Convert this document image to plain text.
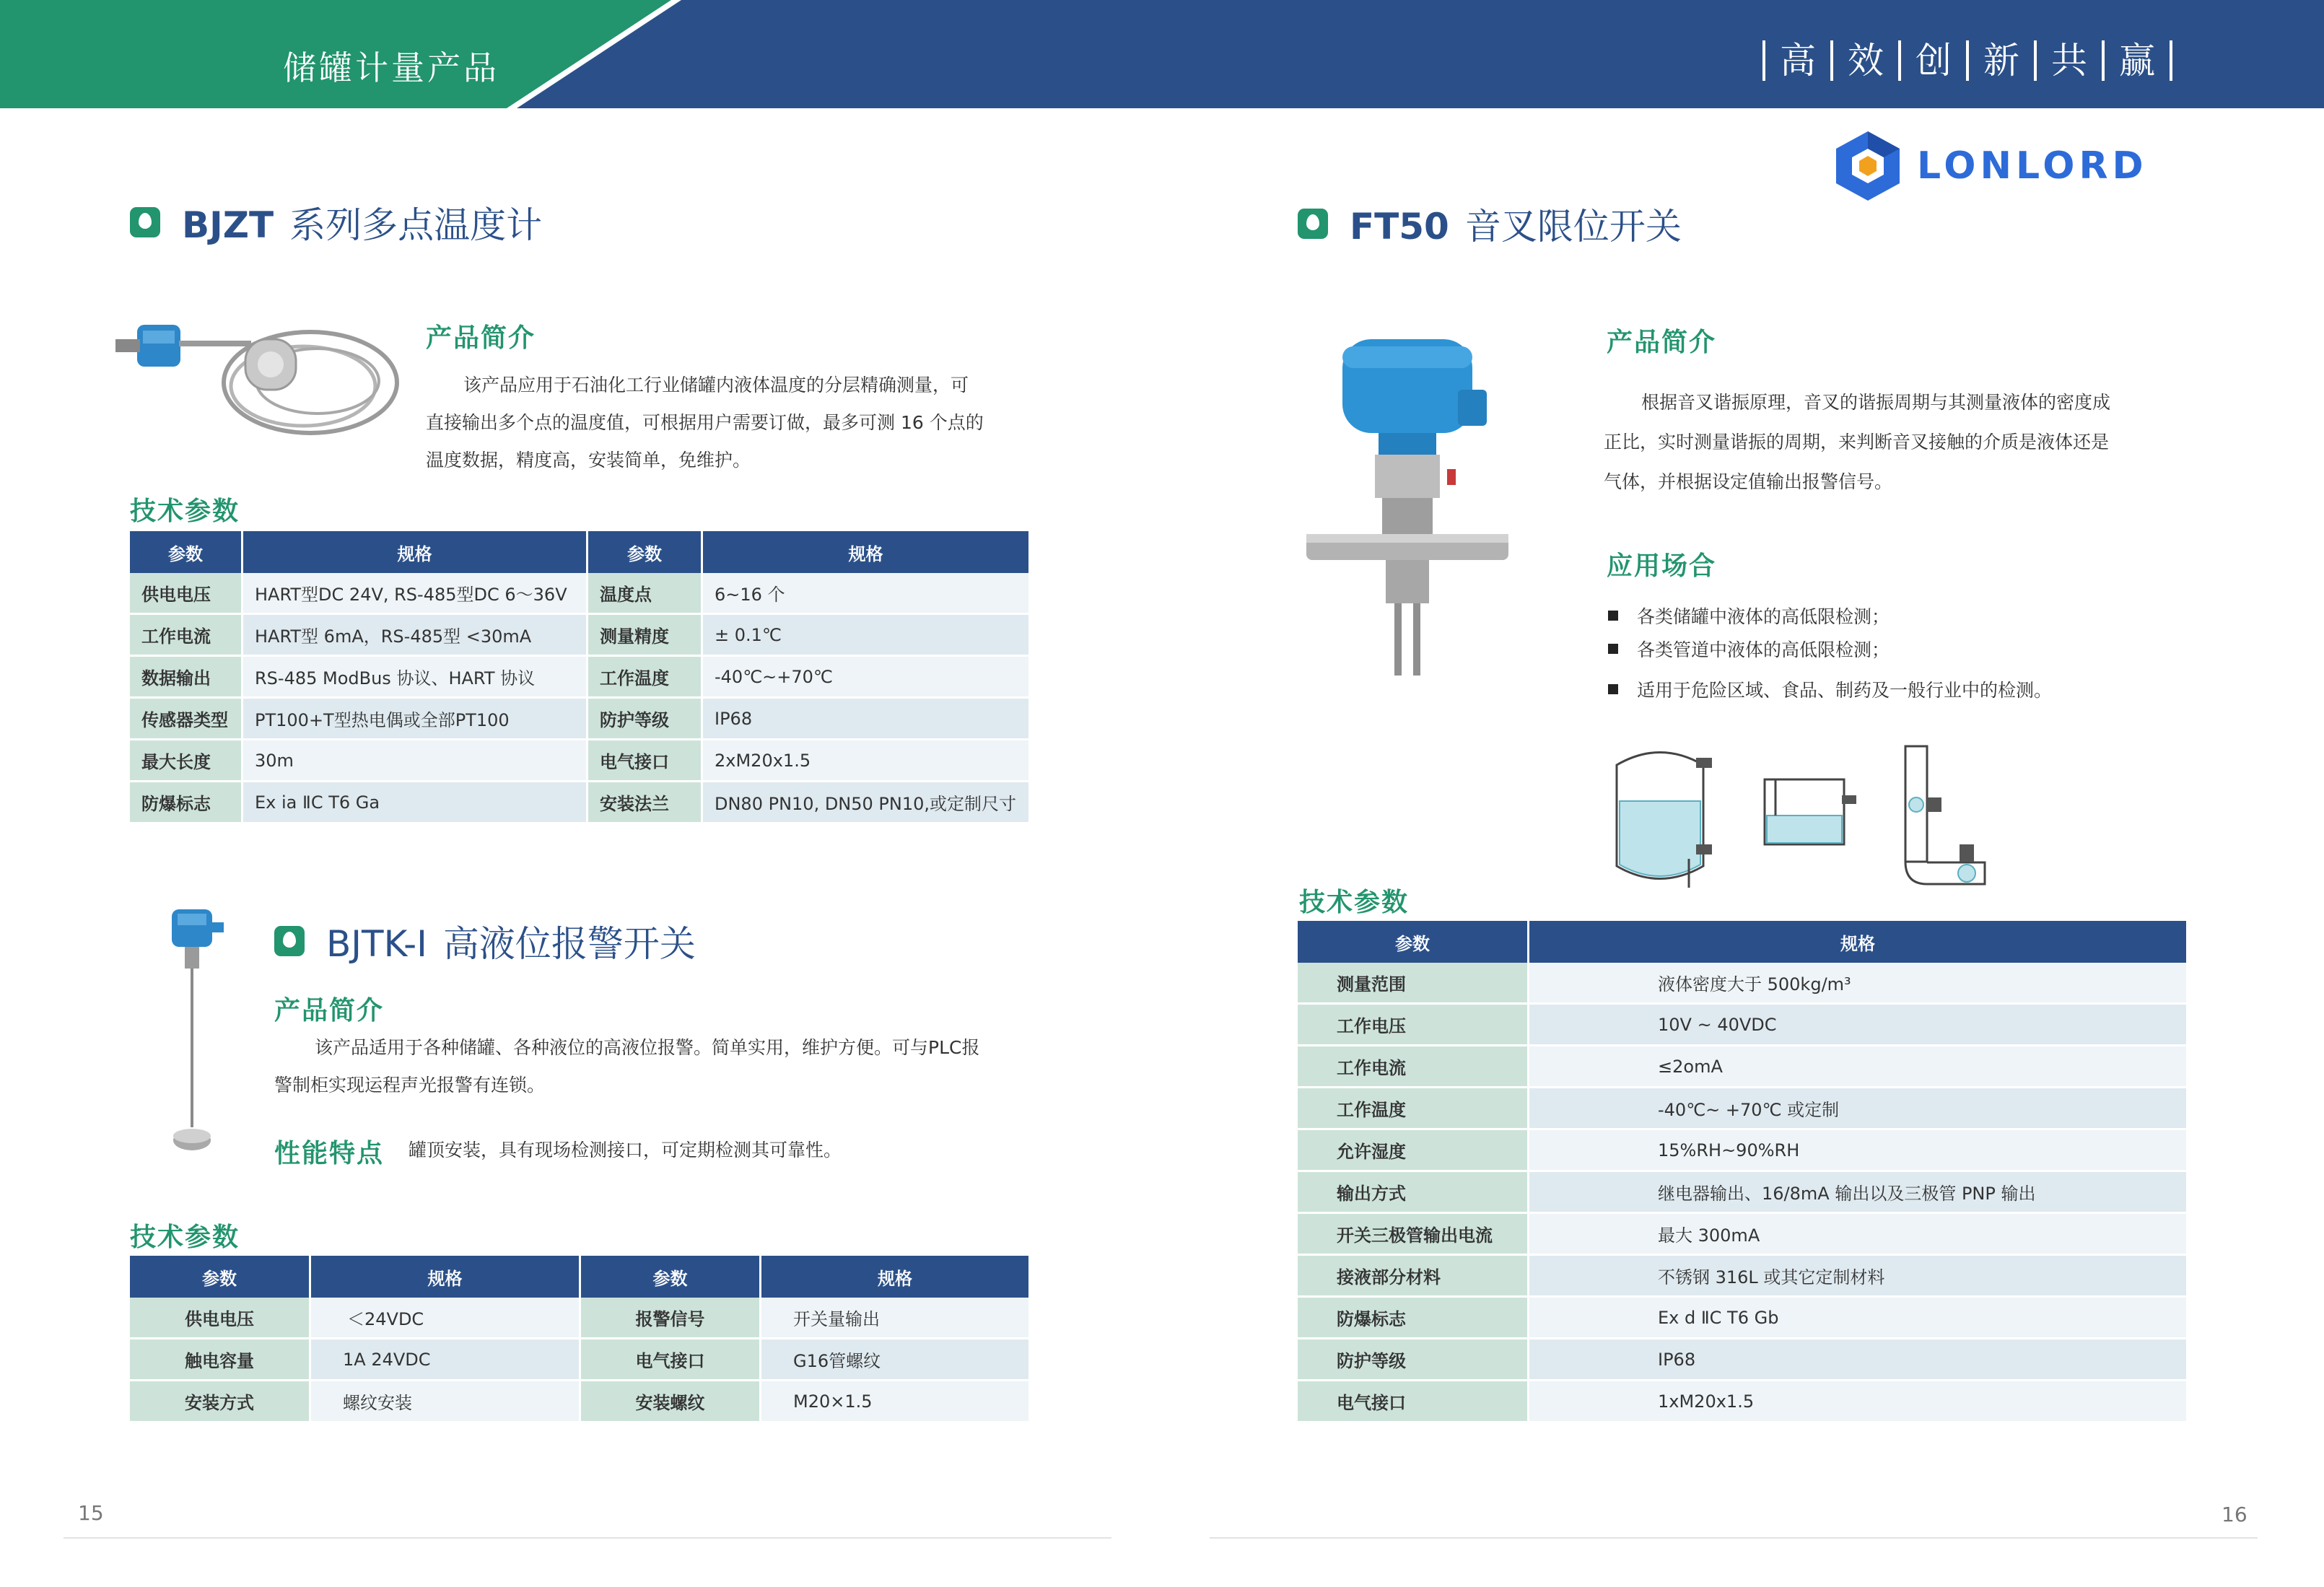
储罐计量产品	高 效 创 新 共 赢
LONLORD
BJZT 系列多点温度计
产品简介

该产品应用于石油化工行业储罐内液体温度的分层精确测量，可

直接输出多个点的温度值，可根据用户需要订做，最多可测 16 个点的

温度数据，精度高，安装简单，免维护。

技术参数
参数	规格	参数	规格
供电电压	HART型DC 24V, RS-485型DC 6～36V	温度点	6~16 个
工作电流	HART型 6mA，RS-485型 <30mA	测量精度	± 0.1℃
数据输出	RS-485 ModBus 协议、HART 协议	工作温度	-40℃~+70℃
传感器类型	PT100+T型热电偶或全部PT100	防护等级	IP68
最大长度	30m	电气接口	2xM20x1.5
防爆标志	Ex ia ⅡC T6 Ga	安装法兰	DN80 PN10, DN50 PN10,或定制尺寸
BJTK-I 高液位报警开关
产品简介

该产品适用于各种储罐、各种液位的高液位报警。简单实用，维护方便。可与PLC报

警制柜实现运程声光报警有连锁。

性能特点 罐顶安装，具有现场检测接口，可定期检测其可靠性。
技术参数
参数	规格	参数	规格
供电电压	＜24VDC	报警信号	开关量输出
触电容量	1A 24VDC	电气接口	G16管螺纹
安装方式	螺纹安装	安装螺纹	M20×1.5
15
FT50 音叉限位开关
产品简介

根据音叉谐振原理，音叉的谐振周期与其测量液体的密度成

正比，实时测量谐振的周期，来判断音叉接触的介质是液体还是

气体，并根据设定值输出报警信号。

应用场合
各类储罐中液体的高低限检测；
各类管道中液体的高低限检测；
适用于危险区域、食品、制药及一般行业中的检测。
技术参数
参数	规格
测量范围	液体密度大于 500kg/m³
工作电压	10V ~ 40VDC
工作电流	≤2omA
工作温度	-40℃~ +70℃ 或定制
允许湿度	15%RH~90%RH
输出方式	继电器输出、16/8mA 输出以及三极管 PNP 输出
开关三极管输出电流	最大 300mA
接液部分材料	不锈钢 316L 或其它定制材料
防爆标志	Ex d ⅡC T6 Gb
防护等级	IP68
电气接口	1xM20x1.5
16
